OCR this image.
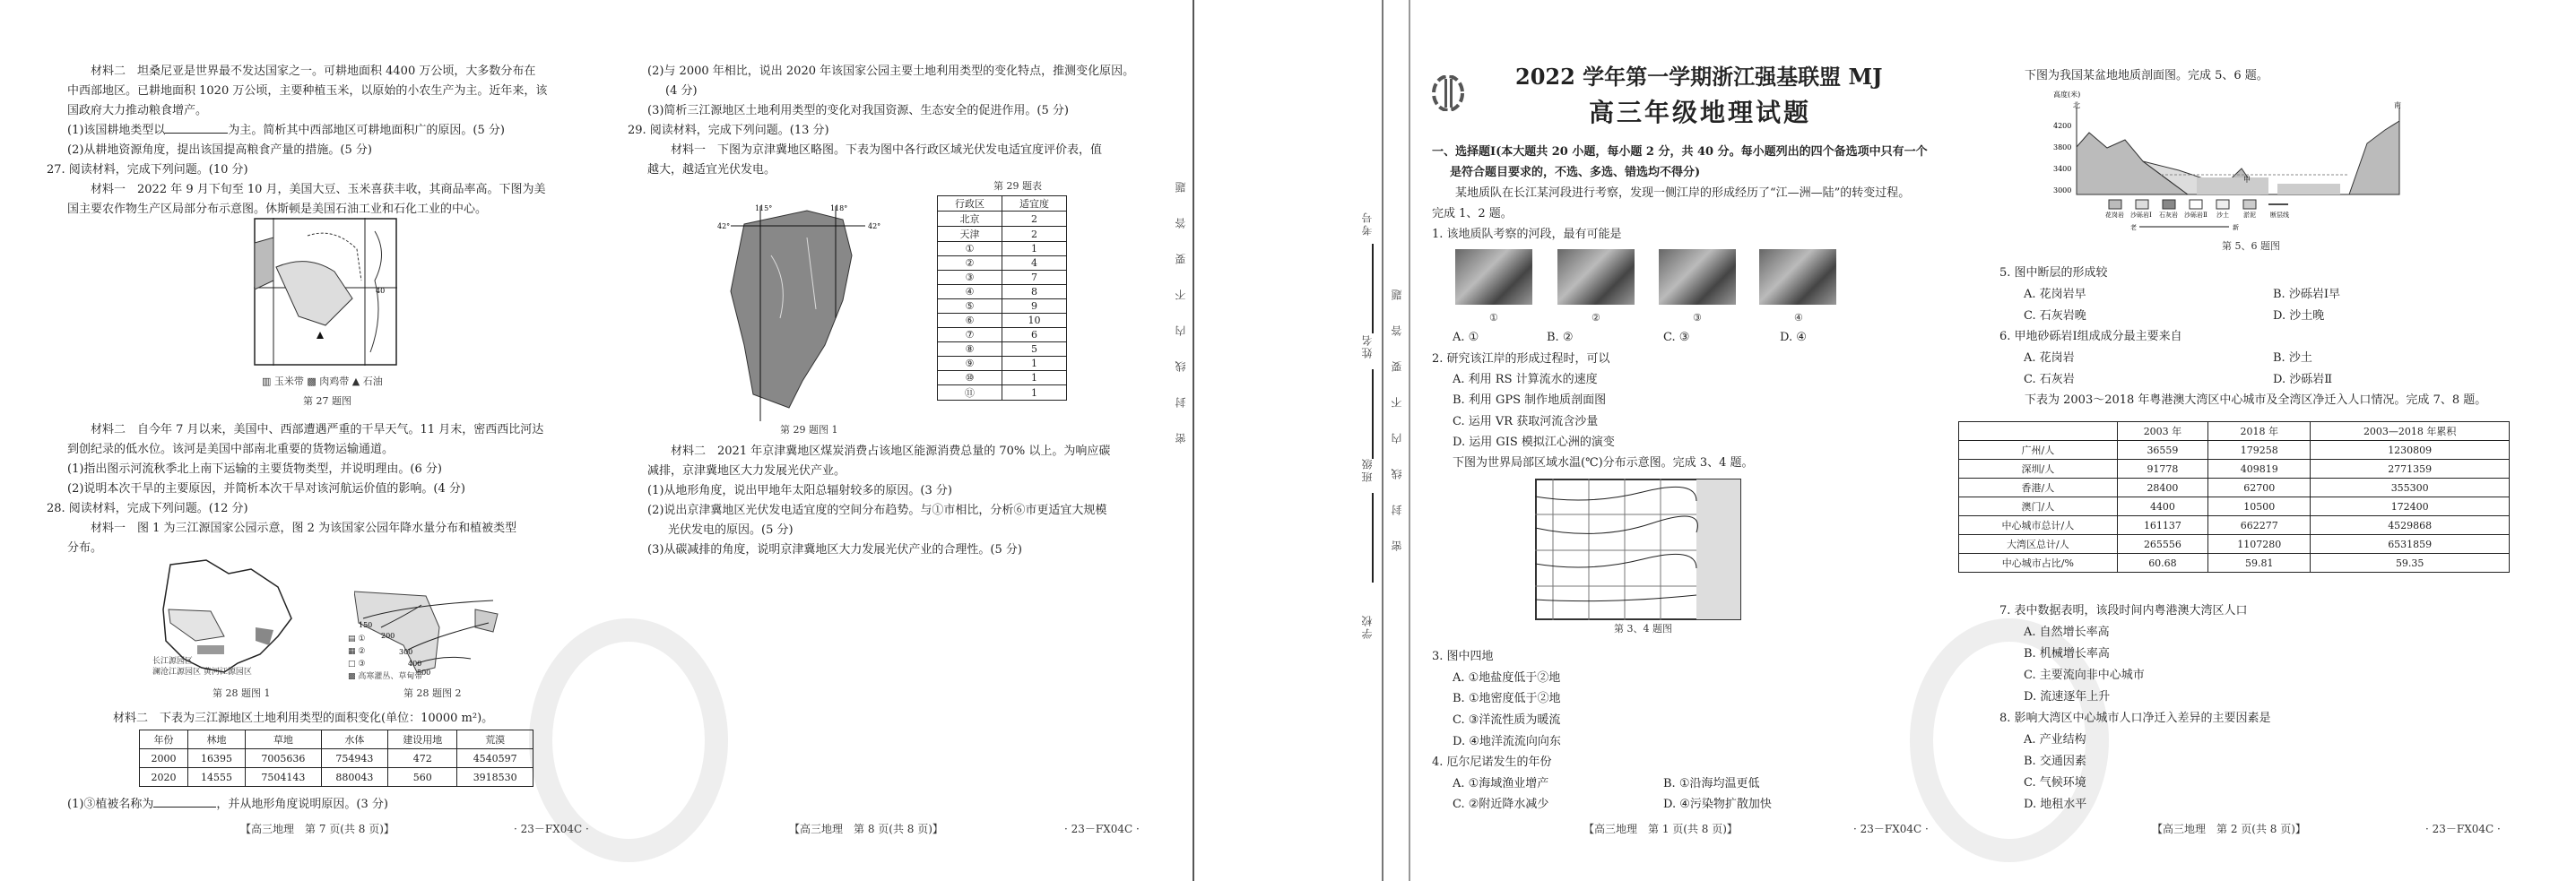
材料二　坦桑尼亚是世界最不发达国家之一。可耕地面积 4400 万公顷，大多数分布在
中西部地区。已耕地面积 1020 万公顷，主要种植玉米，以原始的小农生产为主。近年来，该
国政府大力推动粮食增产。
(1)该国耕地类型以	为主。简析其中西部地区可耕地面积广的原因。(5 分)
(2)从耕地资源角度，提出该国提高粮食产量的措施。(5 分)
27. 阅读材料，完成下列问题。(10 分)
材料一　2022 年 9 月下旬至 10 月，美国大豆、玉米喜获丰收，其商品率高。下图为美
国主要农作物生产区局部分布示意图。休斯顿是美国石油工业和石化工业的中心。
40
▥ 玉米带 ▩ 肉鸡带 ▲ 石油
第 27 题图
材料二　自今年 7 月以来，美国中、西部遭遇严重的干旱天气。11 月末，密西西比河达
到创纪录的低水位。该河是美国中部南北重要的货物运输通道。
(1)指出图示河流秋季北上南下运输的主要货物类型，并说明理由。(6 分)
(2)说明本次干旱的主要原因，并简析本次干旱对该河航运价值的影响。(4 分)
28. 阅读材料，完成下列问题。(12 分)
材料一　图 1 为三江源国家公园示意，图 2 为该国家公园年降水量分布和植被类型
分布。
长江源园区
澜沧江源园区 黄河江源园区
第 28 题图 1
150
200
300
400
500
▤ ①
▦ ②
□ ③
▩ 高寒灌丛、草甸带
第 28 题图 2
材料二　下表为三江源地区土地利用类型的面积变化(单位：10000 m²)。
年份	林地	草地	水体	建设用地	荒漠
2000	16395	7005636	754943	472	4540597
2020	14555	7504143	880043	560	3918530
(1)③植被名称为	，并从地形角度说明原因。(3 分)
【高三地理　第 7 页(共 8 页)】	· 23－FX04C ·
(2)与 2000 年相比，说出 2020 年该国家公园主要土地利用类型的变化特点，推测变化原因。
(4 分)
(3)简析三江源地区土地利用类型的变化对我国资源、生态安全的促进作用。(5 分)
29. 阅读材料，完成下列问题。(13 分)
材料一　下图为京津冀地区略图。下表为图中各行政区域光伏发电适宜度评价表，值
越大，越适宜光伏发电。
115°	118°
42°	42°
第 29 题图 1
第 29 题表
行政区	适宜度
北京	2
天津	2
①	1
②	4
③	7
④	8
⑤	9
⑥	10
⑦	6
⑧	5
⑨	1
⑩	1
⑪	1
材料二　2021 年京津冀地区煤炭消费占该地区能源消费总量的 70% 以上。为响应碳
减排，京津冀地区大力发展光伏产业。
(1)从地形角度，说出甲地年太阳总辐射较多的原因。(3 分)
(2)说出京津冀地区光伏发电适宜度的空间分布趋势。与①市相比，分析⑥市更适宜大规模
光伏发电的原因。(5 分)
(3)从碳减排的角度，说明京津冀地区大力发展光伏产业的合理性。(5 分)
【高三地理　第 8 页(共 8 页)】	· 23－FX04C ·
密封线内不要答题	考号
姓名
班级
学校
密封线内不要答题
2022 学年第一学期浙江强基联盟 MJ
高三年级地理试题
一、选择题Ⅰ(本大题共 20 小题，每小题 2 分，共 40 分。每小题列出的四个备选项中只有一个
是符合题目要求的，不选、多选、错选均不得分)
某地质队在长江某河段进行考察，发现一侧江岸的形成经历了“江—洲—陆”的转变过程。
完成 1、2 题。
1. 该地质队考察的河段，最有可能是
①	②	③	④
A. ①	B. ②	C. ③	D. ④
2. 研究该江岸的形成过程时，可以
A. 利用 RS 计算流水的速度
B. 利用 GPS 制作地质剖面图
C. 运用 VR 获取河流含沙量
D. 运用 GIS 模拟江心洲的演变
下图为世界局部区域水温(℃)分布示意图。完成 3、4 题。
第 3、4 题图
3. 图中四地
A. ①地盐度低于②地
B. ①地密度低于②地
C. ③洋流性质为暖流
D. ④地洋流流向向东
4. 厄尔尼诺发生的年份
A. ①海域渔业增产	B. ①沿海均温更低
C. ②附近降水减少	D. ④污染物扩散加快
【高三地理　第 1 页(共 8 页)】	· 23－FX04C ·
下图为我国某盆地地质剖面图。完成 5、6 题。
高度(米)
北	南
4200
3800
3400
3000
甲
花岗岩 沙砾岩Ⅰ 石灰岩 沙砾岩Ⅱ 沙土 淤泥 断层线
老	新
第 5、6 题图
5. 图中断层的形成较
A. 花岗岩早	B. 沙砾岩Ⅰ早
C. 石灰岩晚	D. 沙土晚
6. 甲地砂砾岩Ⅰ组成成分最主要来自
A. 花岗岩	B. 沙土
C. 石灰岩	D. 沙砾岩Ⅱ
下表为 2003～2018 年粤港澳大湾区中心城市及全湾区净迁入人口情况。完成 7、8 题。
	2003 年	2018 年	2003—2018 年累积
广州/人	36559	179258	1230809
深圳/人	91778	409819	2771359
香港/人	28400	62700	355300
澳门/人	4400	10500	172400
中心城市总计/人	161137	662277	4529868
大湾区总计/人	265556	1107280	6531859
中心城市占比/%	60.68	59.81	59.35
7. 表中数据表明，该段时间内粤港澳大湾区人口
A. 自然增长率高
B. 机械增长率高
C. 主要流向非中心城市
D. 流速逐年上升
8. 影响大湾区中心城市人口净迁入差异的主要因素是
A. 产业结构
B. 交通因素
C. 气候环境
D. 地租水平
【高三地理　第 2 页(共 8 页)】	· 23－FX04C ·
